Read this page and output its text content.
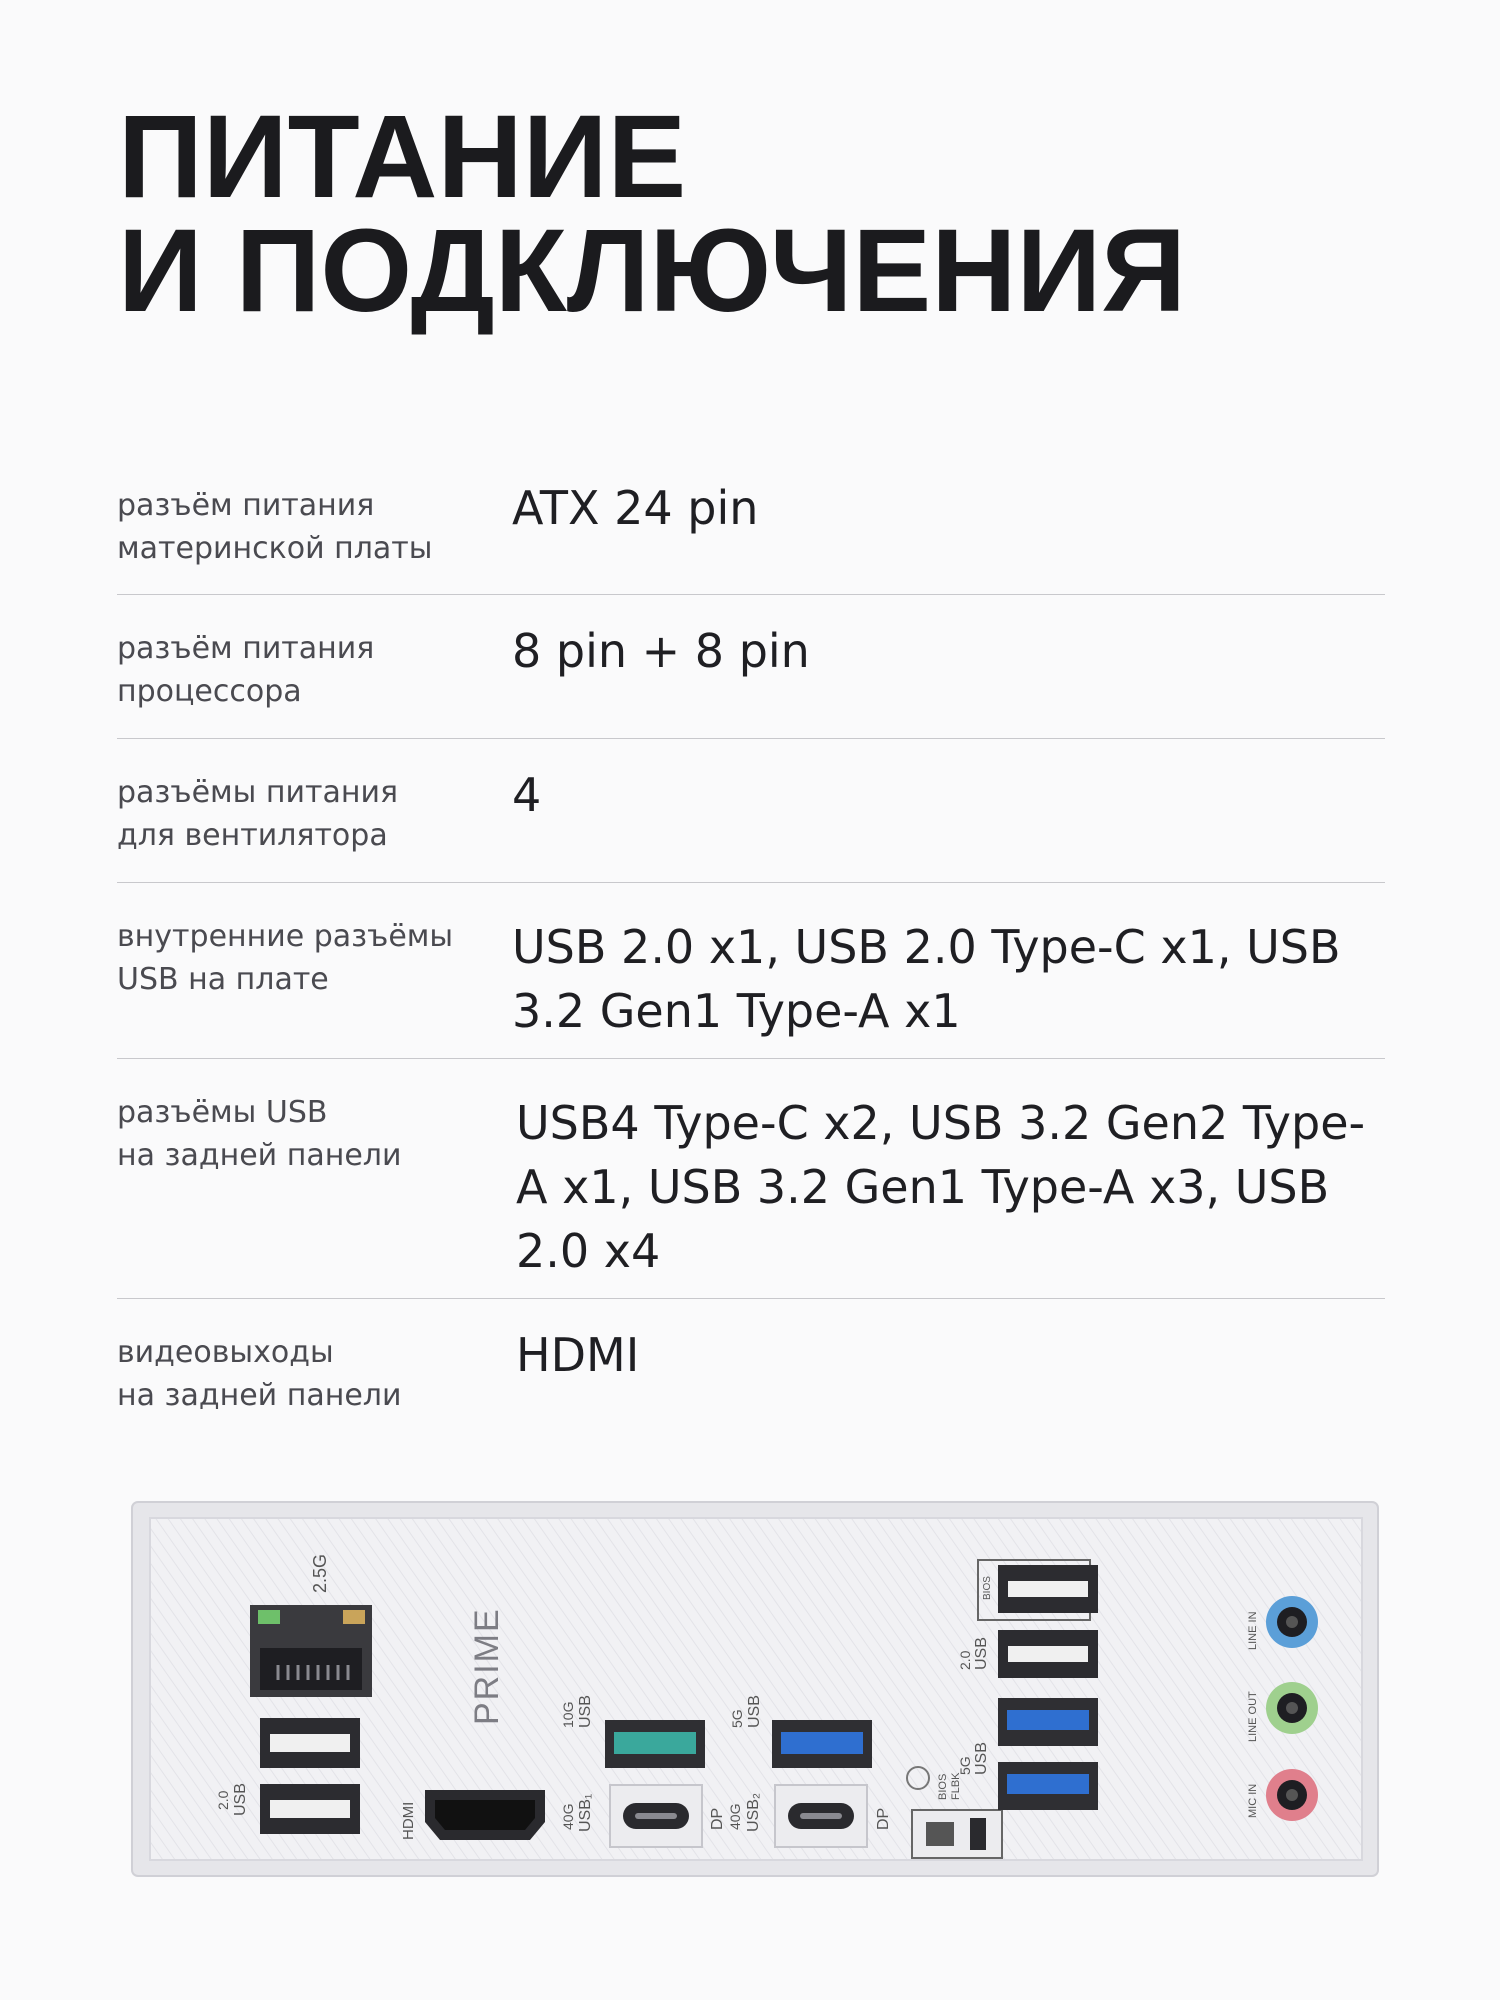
ПИТАНИЕ
И ПОДКЛЮЧЕНИЯ
разъём питания
материнской платы
ATX 24 pin
разъём питания
процессора
8 pin + 8 pin
разъёмы питания
для вентилятора
4
внутренние разъёмы
USB на плате
USB 2.0 x1, USB 2.0 Type-C x1, USB 3.2 Gen1 Type-A x1
разъёмы USB
на задней панели
USB4 Type-C x2, USB 3.2 Gen2 Type-A x1, USB 3.2 Gen1 Type-A x3, USB 2.0 x4
видеовыходы
на задней панели
HDMI
2.5G
2.0 USB
PRIME
HDMI
10G USB
40G USB₁	DP
5G USB
40G USB₂	DP
BIOS FLBK
BIOS
2.0 USB
5G USB
LINE IN
LINE OUT
MIC IN
